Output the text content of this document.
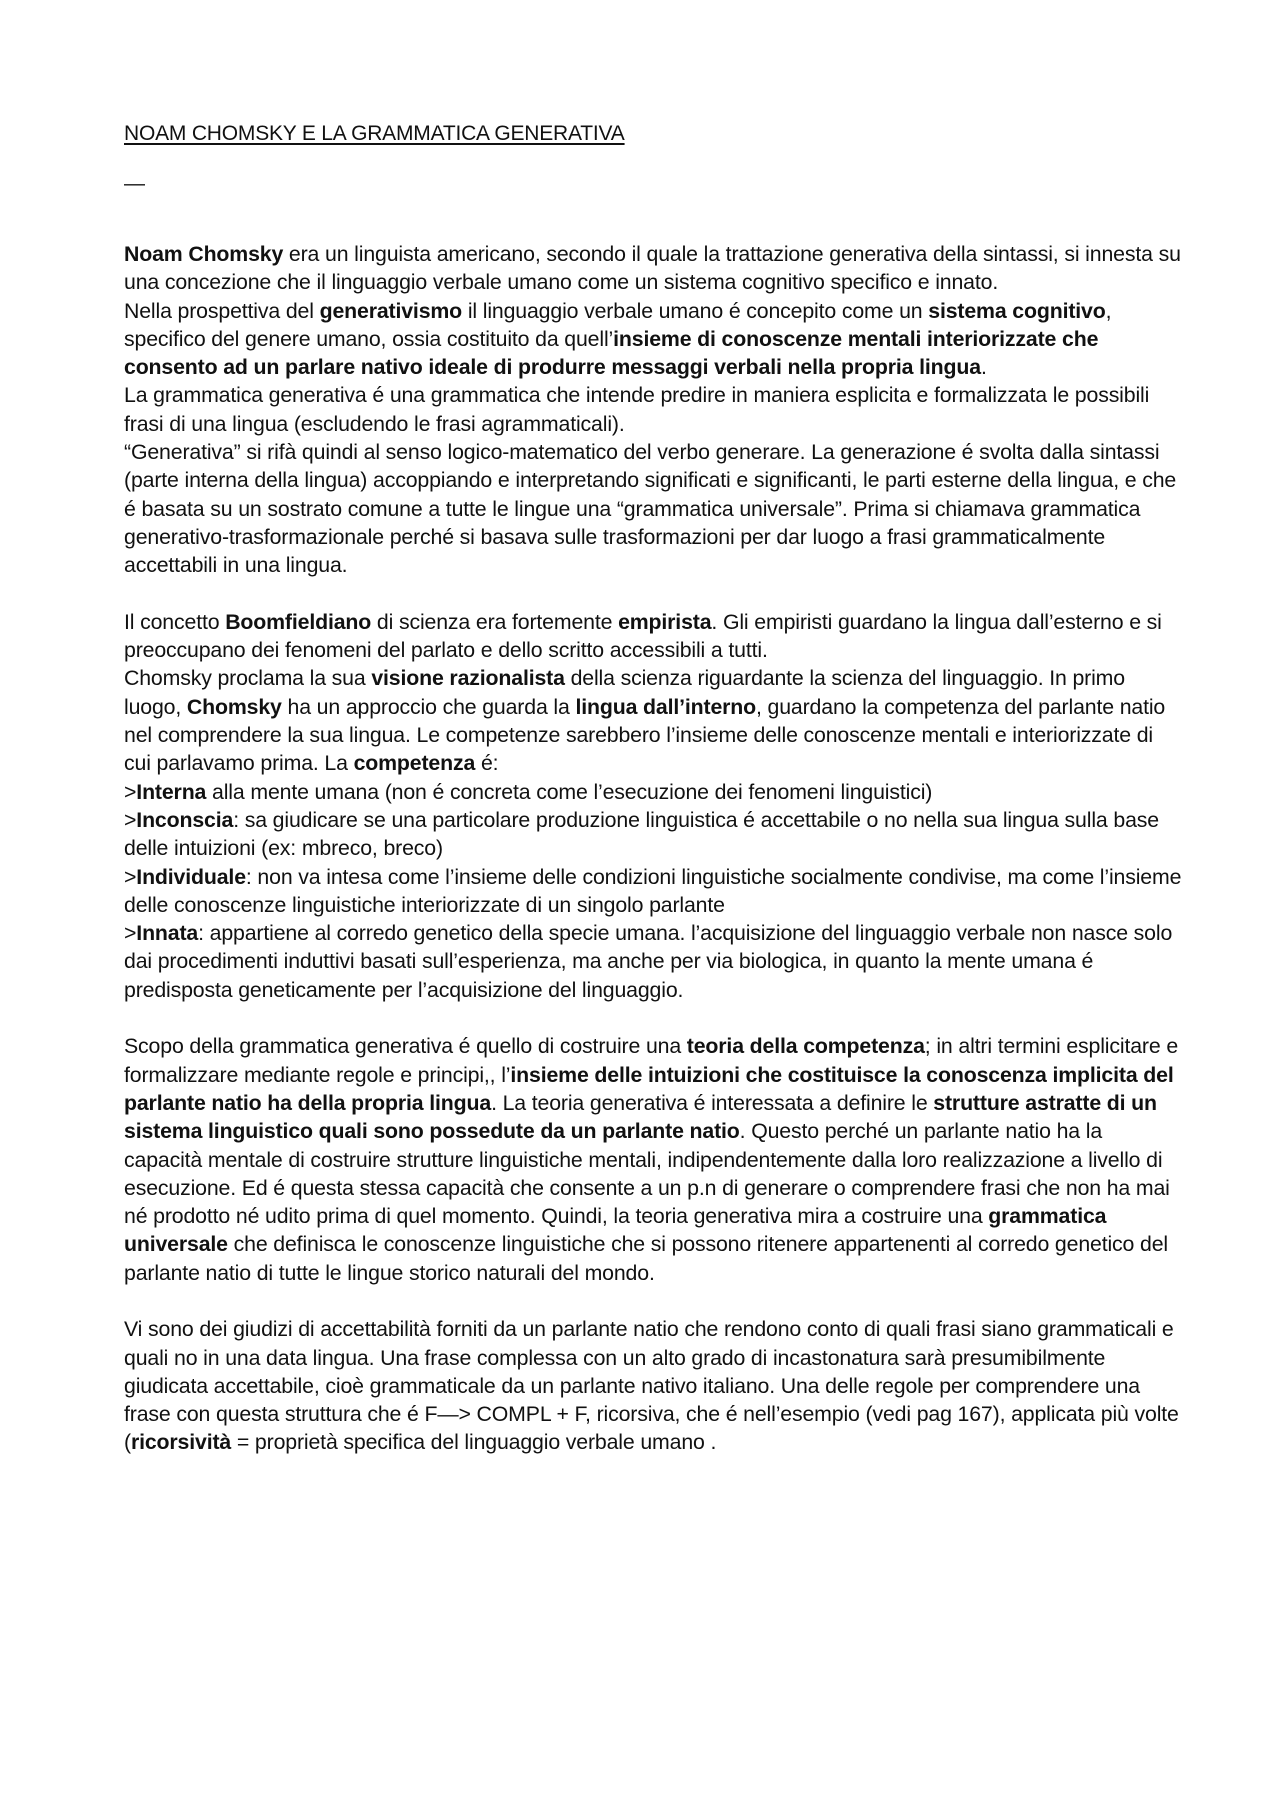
NOAM CHOMSKY E LA GRAMMATICA GENERATIVA
—

Noam Chomsky era un linguista americano, secondo il quale la trattazione generativa della sintassi, si innesta su una concezione che il linguaggio verbale umano come un sistema cognitivo specifico e innato.

Nella prospettiva del generativismo il linguaggio verbale umano é concepito come un sistema cognitivo, specifico del genere umano, ossia costituito da quell’insieme di conoscenze mentali interiorizzate che consento ad un parlare nativo ideale di produrre messaggi verbali nella propria lingua.

La grammatica generativa é una grammatica che intende predire in maniera esplicita e formalizzata le possibili frasi di una lingua (escludendo le frasi agrammaticali).

“Generativa” si rifà quindi al senso logico-matematico del verbo generare. La generazione é svolta dalla sintassi (parte interna della lingua) accoppiando e interpretando significati e significanti, le parti esterne della lingua, e che é basata su un sostrato comune a tutte le lingue una “grammatica universale”. Prima si chiamava grammatica generativo-trasformazionale perché si basava sulle trasformazioni per dar luogo a frasi grammaticalmente accettabili in una lingua.

Il concetto Boomfieldiano di scienza era fortemente empirista. Gli empiristi guardano la lingua dall’esterno e si preoccupano dei fenomeni del parlato e dello scritto accessibili a tutti.

Chomsky proclama la sua visione razionalista della scienza riguardante la scienza del linguaggio. In primo luogo, Chomsky ha un approccio che guarda la lingua dall’interno, guardano la competenza del parlante natio nel comprendere la sua lingua. Le competenze sarebbero l’insieme delle conoscenze mentali e interiorizzate di cui parlavamo prima. La competenza é:

>Interna alla mente umana (non é concreta come l’esecuzione dei fenomeni linguistici)

>Inconscia: sa giudicare se una particolare produzione linguistica é accettabile o no nella sua lingua sulla base delle intuizioni (ex: mbreco, breco)

>Individuale: non va intesa come l’insieme delle condizioni linguistiche socialmente condivise, ma come l’insieme delle conoscenze linguistiche interiorizzate di un singolo parlante

>Innata: appartiene al corredo genetico della specie umana. l’acquisizione del linguaggio verbale non nasce solo dai procedimenti induttivi basati sull’esperienza, ma anche per via biologica, in quanto la mente umana é predisposta geneticamente per l’acquisizione del linguaggio.

Scopo della grammatica generativa é quello di costruire una teoria della competenza; in altri termini esplicitare e formalizzare mediante regole e principi,, l’insieme delle intuizioni che costituisce la conoscenza implicita del parlante natio ha della propria lingua. La teoria generativa é interessata a definire le strutture astratte di un sistema linguistico quali sono possedute da un parlante natio. Questo perché un parlante natio ha la capacità mentale di costruire strutture linguistiche mentali, indipendentemente dalla loro realizzazione a livello di esecuzione. Ed é questa stessa capacità che consente a un p.n di generare o comprendere frasi che non ha mai né prodotto né udito prima di quel momento. Quindi, la teoria generativa mira a costruire una grammatica universale che definisca le conoscenze linguistiche che si possono ritenere appartenenti al corredo genetico del parlante natio di tutte le lingue storico naturali del mondo.

Vi sono dei giudizi di accettabilità forniti da un parlante natio che rendono conto di quali frasi siano grammaticali e quali no in una data lingua. Una frase complessa con un alto grado di incastonatura sarà presumibilmente giudicata accettabile, cioè grammaticale da un parlante nativo italiano. Una delle regole per comprendere una frase con questa struttura che é F—> COMPL + F, ricorsiva, che é nell’esempio (vedi pag 167), applicata più volte (ricorsività = proprietà specifica del linguaggio verbale umano .
